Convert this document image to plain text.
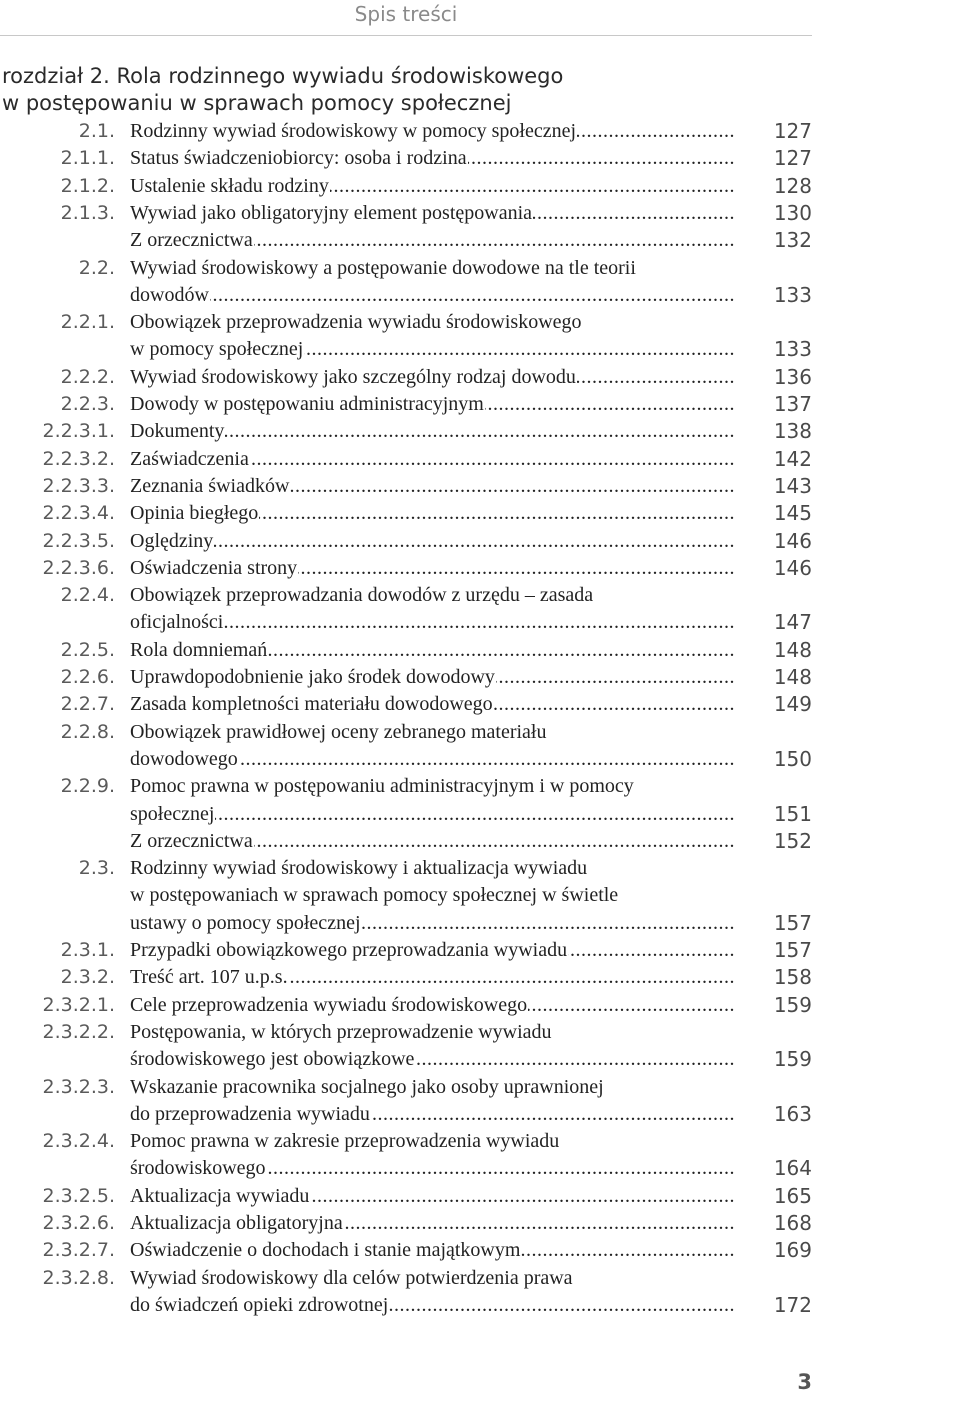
Spis treści
rozdział 2. Rola rodzinnego wywiadu środowiskowego
w postępowaniu w sprawach pomocy społecznej
2.1. Rodzinny wywiad środowiskowy w pomocy społecznej .....	127
2.1.1. Status świadczeniobiorcy: osoba i rodzina .....	127
2.1.2. Ustalenie składu rodziny .....	128
2.1.3. Wywiad jako obligatoryjny element postępowania .....	130
Z orzecznictwa .....	132
2.2. Wywiad środowiskowy a postępowanie dowodowe na tle teorii
dowodów .....	133
2.2.1. Obowiązek przeprowadzenia wywiadu środowiskowego
w pomocy społecznej .....	133
2.2.2. Wywiad środowiskowy jako szczególny rodzaj dowodu .....	136
2.2.3. Dowody w postępowaniu administracyjnym .....	137
2.2.3.1. Dokumenty .....	138
2.2.3.2. Zaświadczenia .....	142
2.2.3.3. Zeznania świadków .....	143
2.2.3.4. Opinia biegłego .....	145
2.2.3.5. Oględziny .....	146
2.2.3.6. Oświadczenia strony .....	146
2.2.4. Obowiązek przeprowadzania dowodów z urzędu – zasada
oficjalności .....	147
2.2.5. Rola domniemań .....	148
2.2.6. Uprawdopodobnienie jako środek dowodowy .....	148
2.2.7. Zasada kompletności materiału dowodowego .....	149
2.2.8. Obowiązek prawidłowej oceny zebranego materiału
dowodowego .....	150
2.2.9. Pomoc prawna w postępowaniu administracyjnym i w pomocy
społecznej .....	151
Z orzecznictwa .....	152
2.3. Rodzinny wywiad środowiskowy i aktualizacja wywiadu
w postępowaniach w sprawach pomocy społecznej w świetle
ustawy o pomocy społecznej .....	157
2.3.1. Przypadki obowiązkowego przeprowadzania wywiadu .....	157
2.3.2. Treść art. 107 u.p.s. .....	158
2.3.2.1. Cele przeprowadzenia wywiadu środowiskowego .....	159
2.3.2.2. Postępowania, w których przeprowadzenie wywiadu
środowiskowego jest obowiązkowe .....	159
2.3.2.3. Wskazanie pracownika socjalnego jako osoby uprawnionej
do przeprowadzenia wywiadu .....	163
2.3.2.4. Pomoc prawna w zakresie przeprowadzenia wywiadu
środowiskowego .....	164
2.3.2.5. Aktualizacja wywiadu .....	165
2.3.2.6. Aktualizacja obligatoryjna .....	168
2.3.2.7. Oświadczenie o dochodach i stanie majątkowym .....	169
2.3.2.8. Wywiad środowiskowy dla celów potwierdzenia prawa
do świadczeń opieki zdrowotnej .....	172
3
